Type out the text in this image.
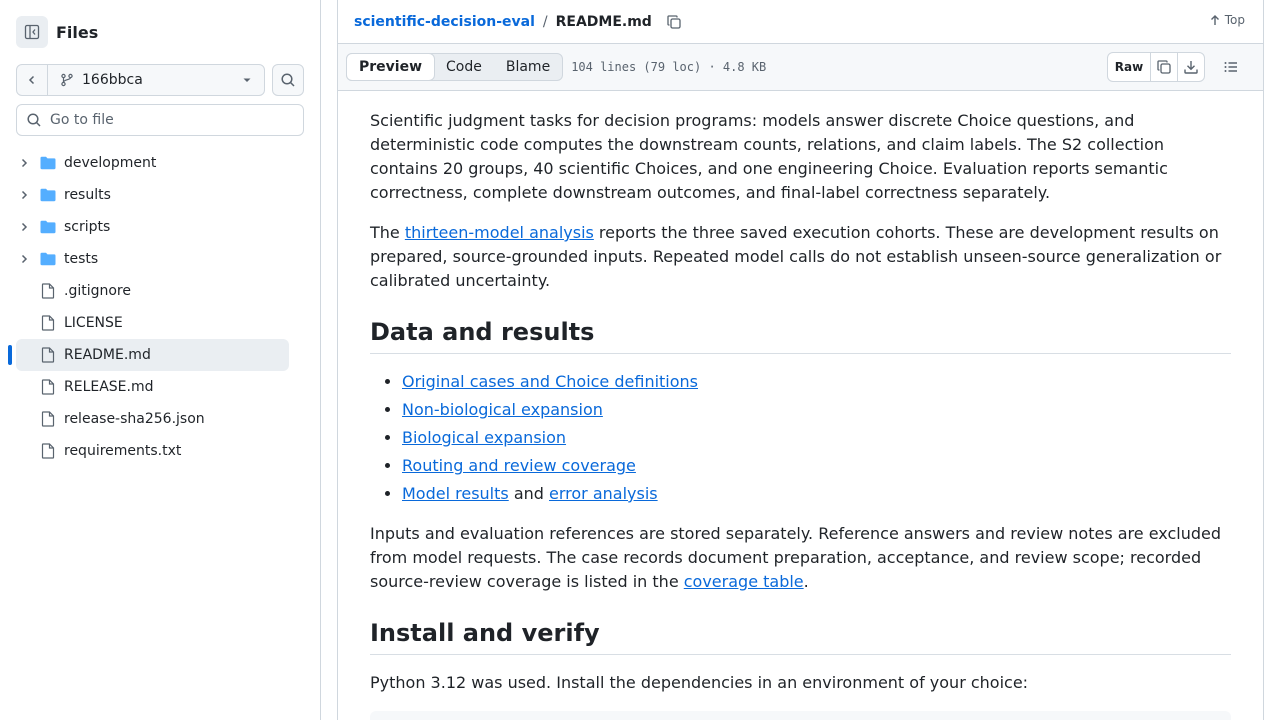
Files
166bbca
Go to file
development
results
scripts
tests
.gitignore
LICENSE
README.md
RELEASE.md
release-sha256.json
requirements.txt
scientific-decision-eval / README.md	Top
Preview	Code	Blame	104 lines (79 loc) · 4.8 KB	Raw

Scientific judgment tasks for decision programs: models answer discrete Choice questions, and deterministic code computes the downstream counts, relations, and claim labels. The S2 collection contains 20 groups, 40 scientific Choices, and one engineering Choice. Evaluation reports semantic correctness, complete downstream outcomes, and final-label correctness separately.

The thirteen-model analysis reports the three saved execution cohorts. These are development results on prepared, source-grounded inputs. Repeated model calls do not establish unseen-source generalization or calibrated uncertainty.

Data and results
• Original cases and Choice definitions
• Non-biological expansion
• Biological expansion
• Routing and review coverage
• Model results and error analysis

Inputs and evaluation references are stored separately. Reference answers and review notes are excluded from model requests. The case records document preparation, acceptance, and review scope; recorded source-review coverage is listed in the coverage table.

Install and verify

Python 3.12 was used. Install the dependencies in an environment of your choice:
